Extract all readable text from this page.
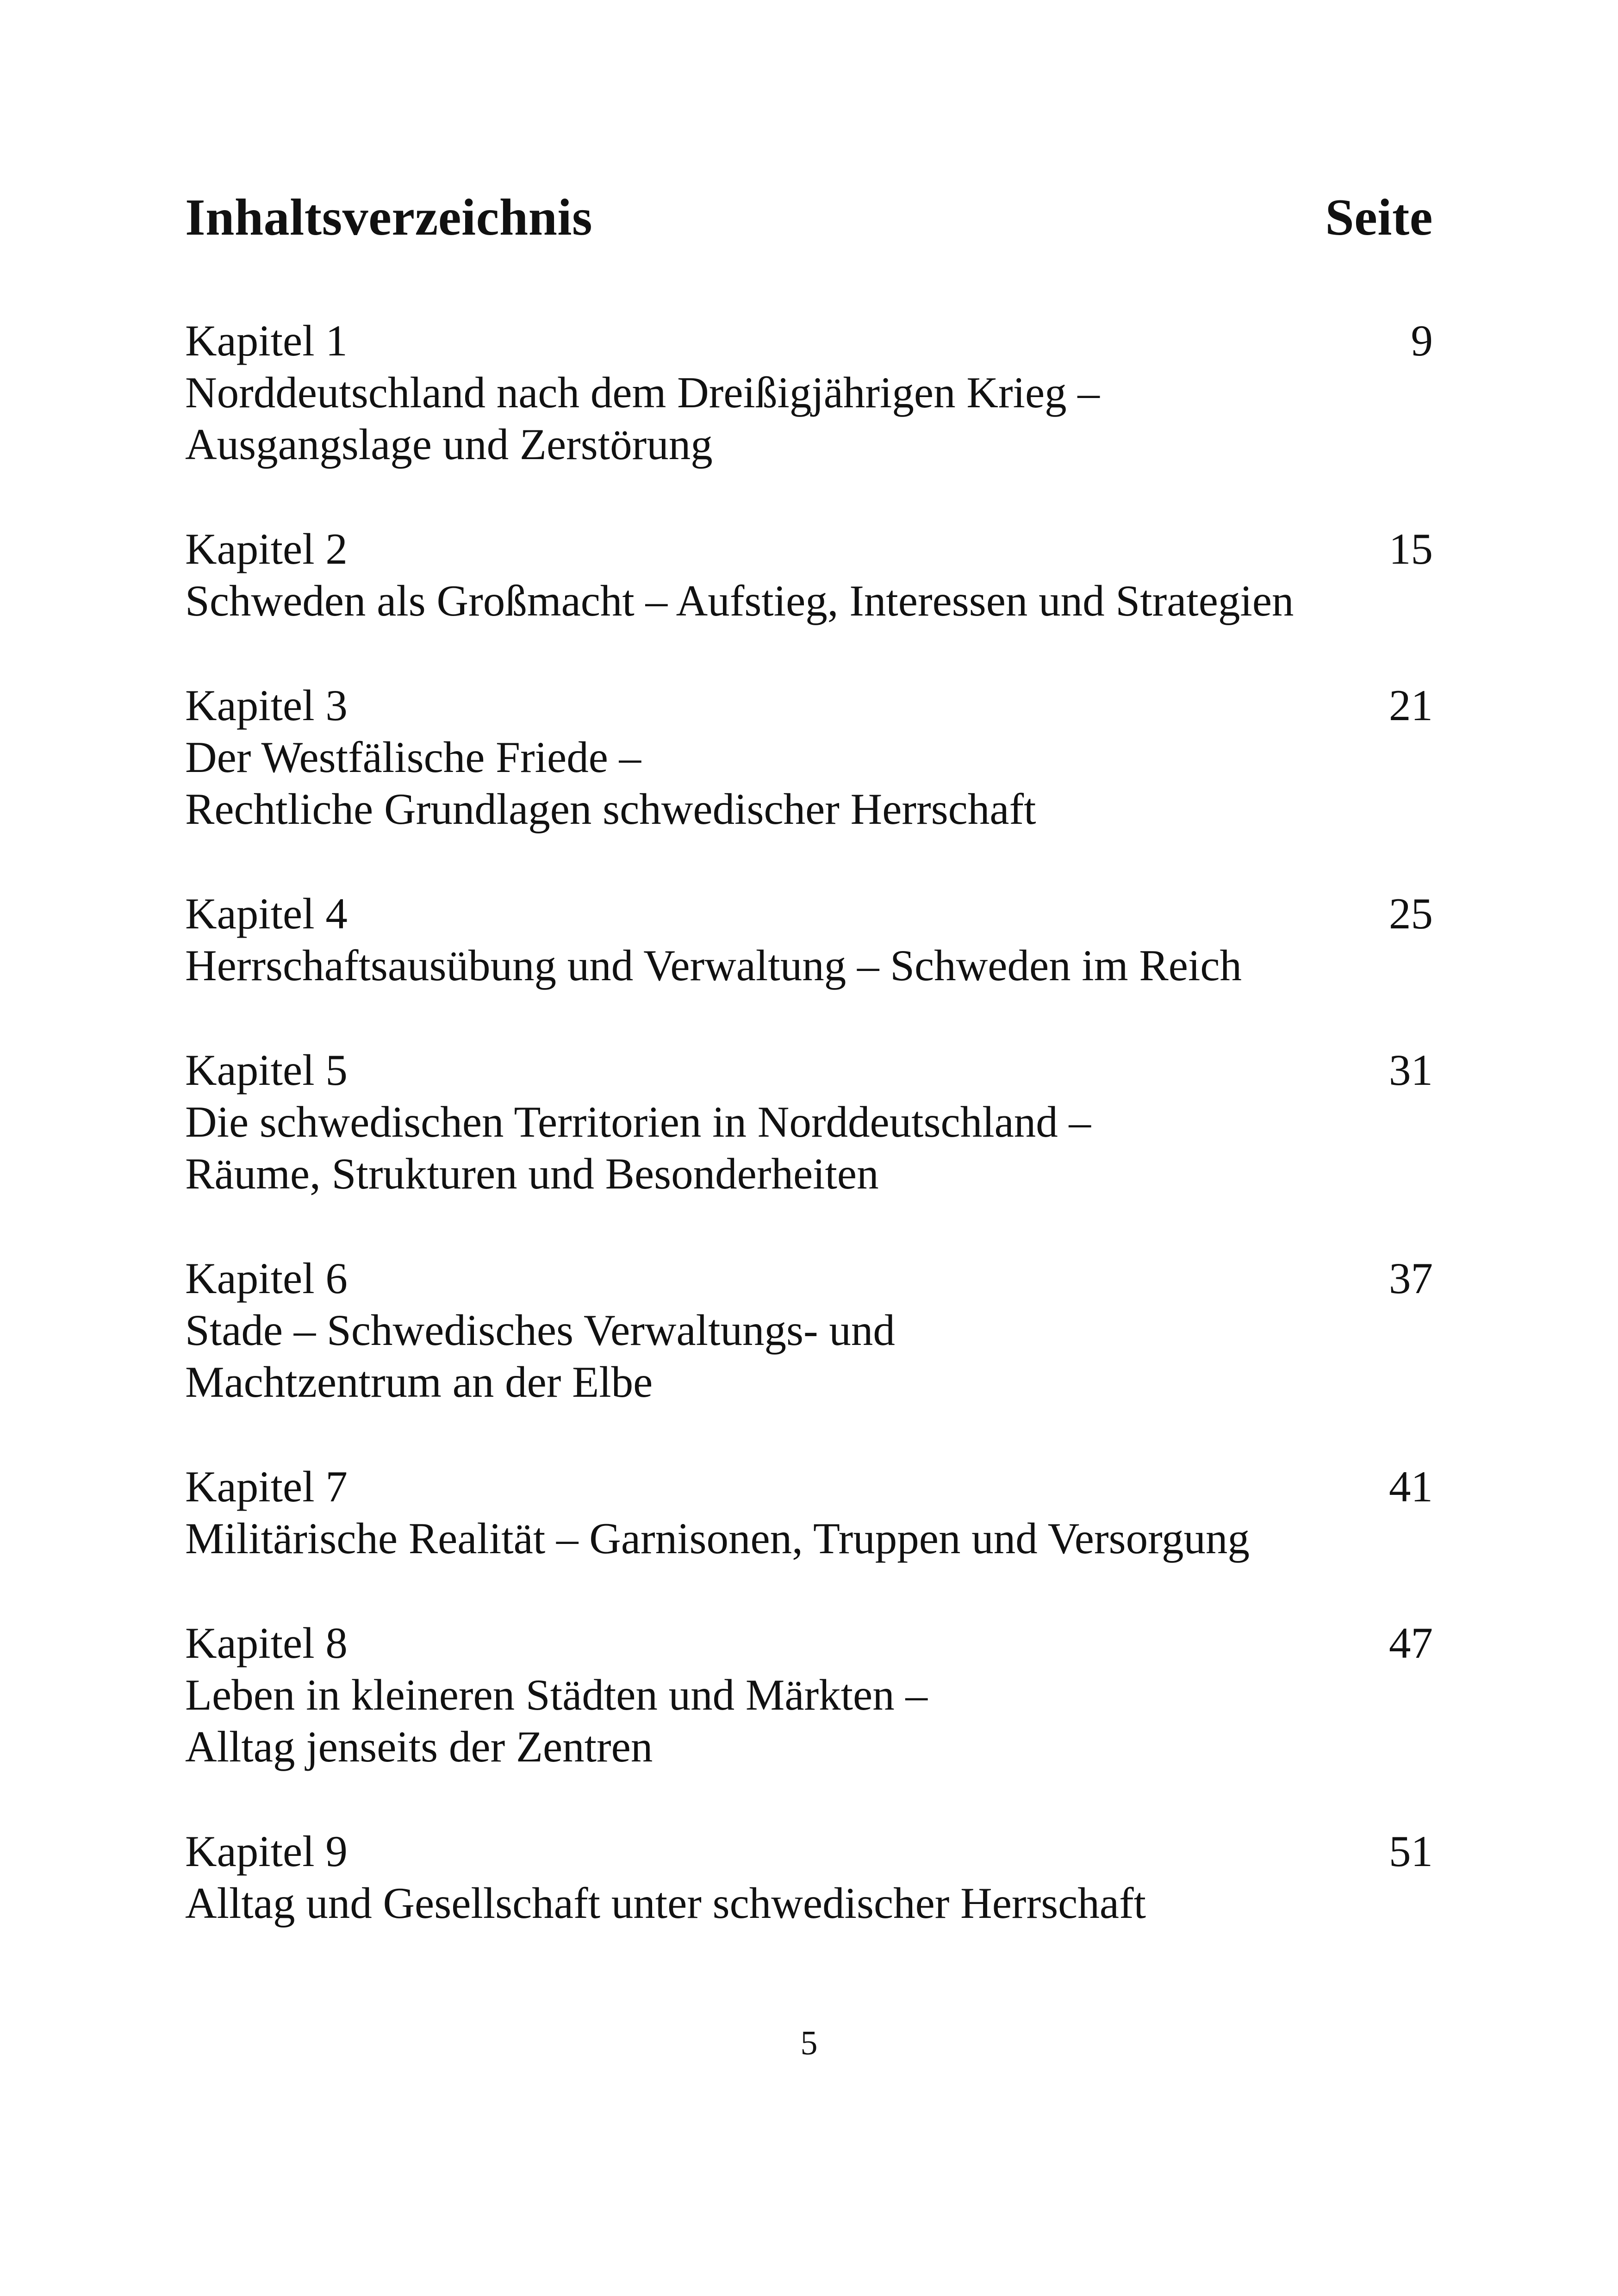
Inhaltsverzeichnis	Seite
Kapitel 1	9
Norddeutschland nach dem Dreißigjährigen Krieg –
Ausgangslage und Zerstörung
Kapitel 2	15
Schweden als Großmacht – Aufstieg, Interessen und Strategien
Kapitel 3	21
Der Westfälische Friede –
Rechtliche Grundlagen schwedischer Herrschaft
Kapitel 4	25
Herrschaftsausübung und Verwaltung – Schweden im Reich
Kapitel 5	31
Die schwedischen Territorien in Norddeutschland –
Räume, Strukturen und Besonderheiten
Kapitel 6	37
Stade – Schwedisches Verwaltungs- und
Machtzentrum an der Elbe
Kapitel 7	41
Militärische Realität – Garnisonen, Truppen und Versorgung
Kapitel 8	47
Leben in kleineren Städten und Märkten –
Alltag jenseits der Zentren
Kapitel 9	51
Alltag und Gesellschaft unter schwedischer Herrschaft
5
